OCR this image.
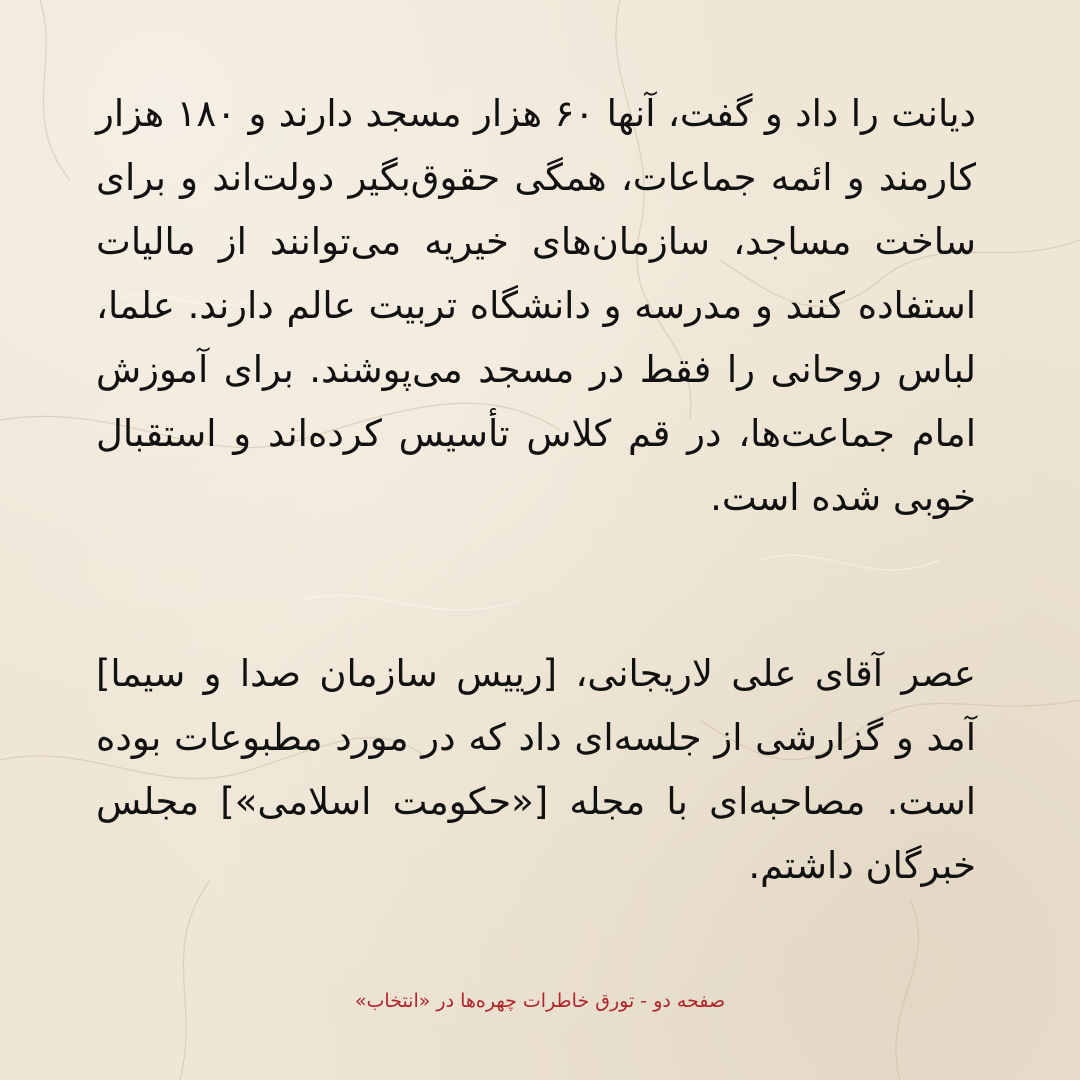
دیانت را داد و گفت، آنها ۶۰ هزار مسجد دارند و ۱۸۰ هزار کارمند و ائمه جماعات، همگی حقوق‌بگیر دولت‌اند و برای ساخت مساجد، سازمان‌های خیریه می‌توانند از مالیات استفاده کنند و مدرسه و دانشگاه تربیت عالم دارند. علما، لباس روحانی را فقط در مسجد می‌پوشند. برای آموزش امام جماعت‌ها، در قم کلاس تأسیس کرده‌اند و استقبال خوبی شده است.

عصر آقای علی لاریجانی، [رییس سازمان صدا و سیما] آمد و گزارشی از جلسه‌ای داد که در مورد مطبوعات بوده است. مصاحبه‌ای با مجله [«حکومت اسلامی»] مجلس خبرگان داشتم.

صفحه دو - تورق خاطرات چهره‌ها در «انتخاب»
